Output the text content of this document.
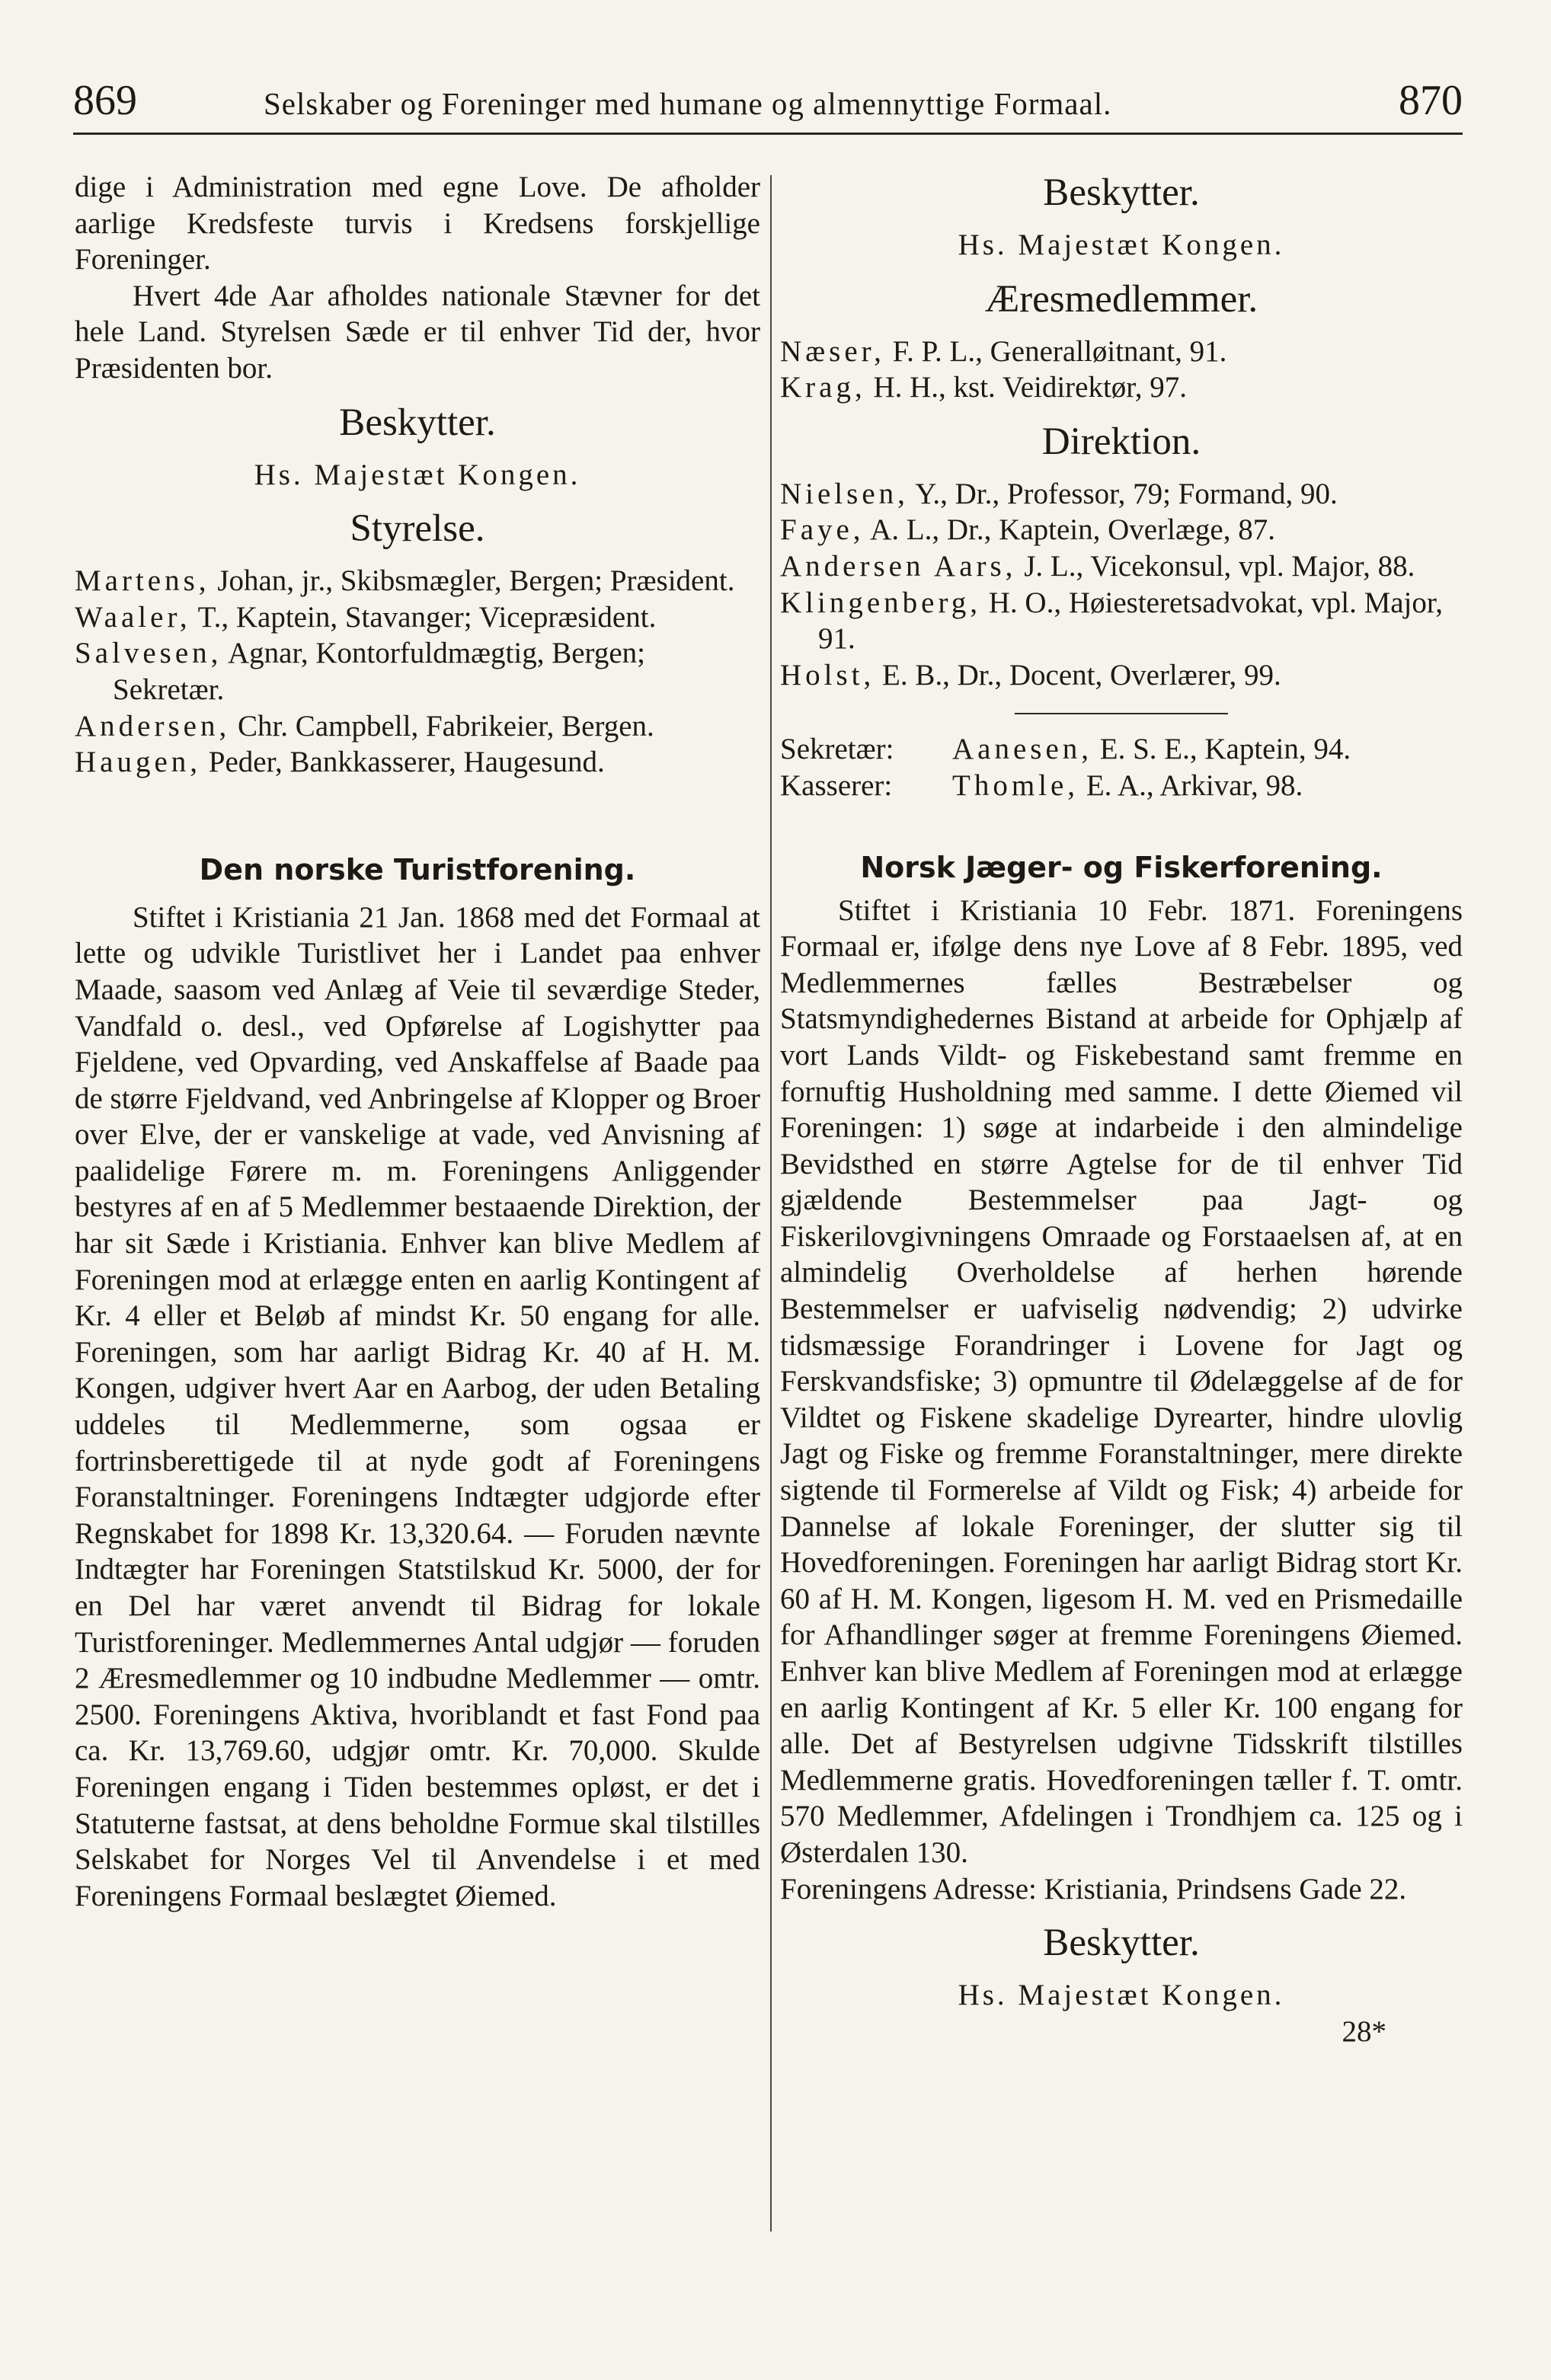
869	Selskaber og Foreninger med humane og almennyttige Formaal.	870

dige i Administration med egne Love. De afholder aarlige Kredsfeste turvis i Kredsens forskjellige Foreninger.

Hvert 4de Aar afholdes nationale Stævner for det hele Land. Styrelsen Sæde er til enhver Tid der, hvor Præsidenten bor.

Beskytter.

Hs. Majestæt Kongen.

Styrelse.

Martens, Johan, jr., Skibsmægler, Bergen; Præsident.

Waaler, T., Kaptein, Stavanger; Vicepræsident.

Salvesen, Agnar, Kontorfuldmægtig, Bergen; Sekretær.

Andersen, Chr. Campbell, Fabrikeier, Bergen.

Haugen, Peder, Bankkasserer, Haugesund.

Den norske Turistforening.

Stiftet i Kristiania 21 Jan. 1868 med det Formaal at lette og udvikle Turistlivet her i Landet paa enhver Maade, saasom ved Anlæg af Veie til seværdige Steder, Vandfald o. desl., ved Opførelse af Logishytter paa Fjeldene, ved Opvarding, ved Anskaffelse af Baade paa de større Fjeldvand, ved Anbringelse af Klopper og Broer over Elve, der er vanskelige at vade, ved Anvisning af paalidelige Førere m. m. Foreningens Anliggender bestyres af en af 5 Medlemmer bestaaende Direktion, der har sit Sæde i Kristiania. Enhver kan blive Medlem af Foreningen mod at erlægge enten en aarlig Kontingent af Kr. 4 eller et Beløb af mindst Kr. 50 engang for alle. Foreningen, som har aarligt Bidrag Kr. 40 af H. M. Kongen, udgiver hvert Aar en Aarbog, der uden Betaling uddeles til Medlemmerne, som ogsaa er fortrinsberettigede til at nyde godt af Foreningens Foranstaltninger. Foreningens Indtægter udgjorde efter Regnskabet for 1898 Kr. 13,320.64. — Foruden nævnte Indtægter har Foreningen Statstilskud Kr. 5000, der for en Del har været anvendt til Bidrag for lokale Turistforeninger. Medlemmernes Antal udgjør — foruden 2 Æresmedlemmer og 10 indbudne Medlemmer — omtr. 2500. Foreningens Aktiva, hvoriblandt et fast Fond paa ca. Kr. 13,769.60, udgjør omtr. Kr. 70,000. Skulde Foreningen engang i Tiden bestemmes opløst, er det i Statuterne fastsat, at dens beholdne Formue skal tilstilles Selskabet for Norges Vel til Anvendelse i et med Foreningens Formaal beslægtet Øiemed.

Beskytter.

Hs. Majestæt Kongen.

Æresmedlemmer.

Næser, F. P. L., Generalløitnant, 91.

Krag, H. H., kst. Veidirektør, 97.

Direktion.

Nielsen, Y., Dr., Professor, 79; Formand, 90.

Faye, A. L., Dr., Kaptein, Overlæge, 87.

Andersen Aars, J. L., Vicekonsul, vpl. Major, 88.

Klingenberg, H. O., Høiesteretsadvokat, vpl. Major, 91.

Holst, E. B., Dr., Docent, Overlærer, 99.

Sekretær:	Aanesen, E. S. E., Kaptein, 94.
Kasserer:	Thomle, E. A., Arkivar, 98.
Norsk Jæger- og Fiskerforening.

Stiftet i Kristiania 10 Febr. 1871. Foreningens Formaal er, ifølge dens nye Love af 8 Febr. 1895, ved Medlemmernes fælles Bestræbelser og Statsmyndighedernes Bistand at arbeide for Ophjælp af vort Lands Vildt- og Fiskebestand samt fremme en fornuftig Husholdning med samme. I dette Øiemed vil Foreningen: 1) søge at indarbeide i den almindelige Bevidsthed en større Agtelse for de til enhver Tid gjældende Bestemmelser paa Jagt- og Fiskerilovgivningens Omraade og Forstaaelsen af, at en almindelig Overholdelse af herhen hørende Bestemmelser er uafviselig nødvendig; 2) udvirke tidsmæssige Forandringer i Lovene for Jagt og Ferskvandsfiske; 3) opmuntre til Ødelæggelse af de for Vildtet og Fiskene skadelige Dyrearter, hindre ulovlig Jagt og Fiske og fremme Foranstaltninger, mere direkte sigtende til Formerelse af Vildt og Fisk; 4) arbeide for Dannelse af lokale Foreninger, der slutter sig til Hovedforeningen. Foreningen har aarligt Bidrag stort Kr. 60 af H. M. Kongen, ligesom H. M. ved en Prismedaille for Afhandlinger søger at fremme Foreningens Øiemed. Enhver kan blive Medlem af Foreningen mod at erlægge en aarlig Kontingent af Kr. 5 eller Kr. 100 engang for alle. Det af Bestyrelsen udgivne Tidsskrift tilstilles Medlemmerne gratis. Hovedforeningen tæller f. T. omtr. 570 Medlemmer, Afdelingen i Trondhjem ca. 125 og i Østerdalen 130.

Foreningens Adresse: Kristiania, Prindsens Gade 22.

Beskytter.

Hs. Majestæt Kongen.

28*
